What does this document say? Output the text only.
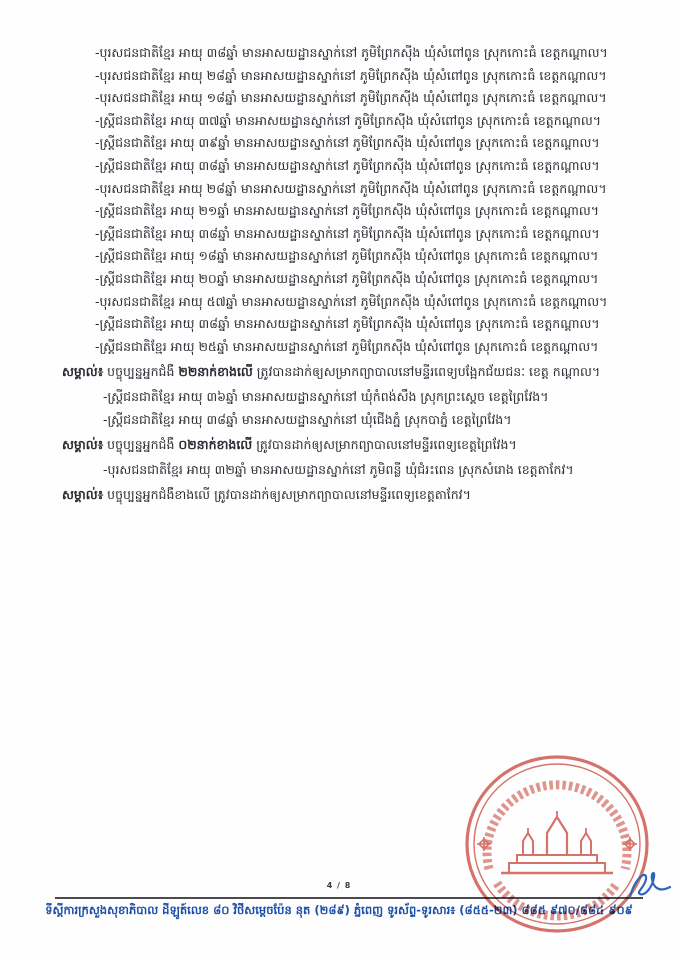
-បុរសជនជាតិខ្មែរ អាយុ ៣៨ឆ្នាំ មានអាសយដ្ឋានស្នាក់នៅ ភូមិព្រែកស៊ីង ឃុំសំពៅពូន ស្រុកកោះធំ ខេត្តកណ្ដាល។
-បុរសជនជាតិខ្មែរ អាយុ ២៨ឆ្នាំ មានអាសយដ្ឋានស្នាក់នៅ ភូមិព្រែកស៊ីង ឃុំសំពៅពូន ស្រុកកោះធំ ខេត្តកណ្ដាល។
-បុរសជនជាតិខ្មែរ អាយុ ១៨ឆ្នាំ មានអាសយដ្ឋានស្នាក់នៅ ភូមិព្រែកស៊ីង ឃុំសំពៅពូន ស្រុកកោះធំ ខេត្តកណ្ដាល។
-ស្ត្រីជនជាតិខ្មែរ អាយុ ៣៧ឆ្នាំ មានអាសយដ្ឋានស្នាក់នៅ ភូមិព្រែកស៊ីង ឃុំសំពៅពូន ស្រុកកោះធំ ខេត្តកណ្ដាល។
-ស្ត្រីជនជាតិខ្មែរ អាយុ ៣៩ឆ្នាំ មានអាសយដ្ឋានស្នាក់នៅ ភូមិព្រែកស៊ីង ឃុំសំពៅពូន ស្រុកកោះធំ ខេត្តកណ្ដាល។
-ស្ត្រីជនជាតិខ្មែរ អាយុ ៣៨ឆ្នាំ មានអាសយដ្ឋានស្នាក់នៅ ភូមិព្រែកស៊ីង ឃុំសំពៅពូន ស្រុកកោះធំ ខេត្តកណ្ដាល។
-បុរសជនជាតិខ្មែរ អាយុ ២៨ឆ្នាំ មានអាសយដ្ឋានស្នាក់នៅ ភូមិព្រែកស៊ីង ឃុំសំពៅពូន ស្រុកកោះធំ ខេត្តកណ្ដាល។
-ស្ត្រីជនជាតិខ្មែរ អាយុ ២១ឆ្នាំ មានអាសយដ្ឋានស្នាក់នៅ ភូមិព្រែកស៊ីង ឃុំសំពៅពូន ស្រុកកោះធំ ខេត្តកណ្ដាល។
-ស្ត្រីជនជាតិខ្មែរ អាយុ ៣៨ឆ្នាំ មានអាសយដ្ឋានស្នាក់នៅ ភូមិព្រែកស៊ីង ឃុំសំពៅពូន ស្រុកកោះធំ ខេត្តកណ្ដាល។
-ស្ត្រីជនជាតិខ្មែរ អាយុ ១៨ឆ្នាំ មានអាសយដ្ឋានស្នាក់នៅ ភូមិព្រែកស៊ីង ឃុំសំពៅពូន ស្រុកកោះធំ ខេត្តកណ្ដាល។
-ស្ត្រីជនជាតិខ្មែរ អាយុ ២០ឆ្នាំ មានអាសយដ្ឋានស្នាក់នៅ ភូមិព្រែកស៊ីង ឃុំសំពៅពូន ស្រុកកោះធំ ខេត្តកណ្ដាល។
-បុរសជនជាតិខ្មែរ អាយុ ៥៧ឆ្នាំ មានអាសយដ្ឋានស្នាក់នៅ ភូមិព្រែកស៊ីង ឃុំសំពៅពូន ស្រុកកោះធំ ខេត្តកណ្ដាល។
-ស្ត្រីជនជាតិខ្មែរ អាយុ ៣៨ឆ្នាំ មានអាសយដ្ឋានស្នាក់នៅ ភូមិព្រែកស៊ីង ឃុំសំពៅពូន ស្រុកកោះធំ ខេត្តកណ្ដាល។
-ស្ត្រីជនជាតិខ្មែរ អាយុ ២៥ឆ្នាំ មានអាសយដ្ឋានស្នាក់នៅ ភូមិព្រែកស៊ីង ឃុំសំពៅពូន ស្រុកកោះធំ ខេត្តកណ្ដាល។
សម្គាល់៖ បច្ចុប្បន្នអ្នកជំងឺ ២២នាក់ខាងលើ ត្រូវបានដាក់ឲ្យសម្រាកព្យាបាលនៅមន្ទីរពេទ្យបង្អែកជ័យជនៈ ខេត្ត កណ្ដាល។
-ស្ត្រីជនជាតិខ្មែរ អាយុ ៣៦ឆ្នាំ មានអាសយដ្ឋានស្នាក់នៅ ឃុំកំពង់សឹង ស្រុកព្រះស្ដេច ខេត្តព្រៃវែង។
-ស្ត្រីជនជាតិខ្មែរ អាយុ ៣៨ឆ្នាំ មានអាសយដ្ឋានស្នាក់នៅ ឃុំជើងភ្នំ ស្រុកបាភ្នំ ខេត្តព្រៃវែង។
សម្គាល់៖ បច្ចុប្បន្នអ្នកជំងឺ ០២នាក់ខាងលើ ត្រូវបានដាក់ឲ្យសម្រាកព្យាបាលនៅមន្ទីរពេទ្យខេត្តព្រៃវែង។
-បុរសជនជាតិខ្មែរ អាយុ ៣២ឆ្នាំ មានអាសយដ្ឋានស្នាក់នៅ ភូមិពន្លី ឃុំជំរះពេន ស្រុកសំរោង ខេត្តតាកែវ។
សម្គាល់៖ បច្ចុប្បន្នអ្នកជំងឺខាងលើ ត្រូវបានដាក់ឲ្យសម្រាកព្យាបាលនៅមន្ទីរពេទ្យខេត្តតាកែវ។
4 / 8
ទីស្ដីការក្រសួងសុខាភិបាល ដីឡូត៍លេខ ៨០ វិថីសម្ដេចប៉ែន នុត (២៨៩) ភ្នំពេញ ទូរស័ព្ទ-ទូរសារ៖ (៨៥៥-២៣) ៨៨៥ ៩៧០/៨៨៤ ៩០៩
